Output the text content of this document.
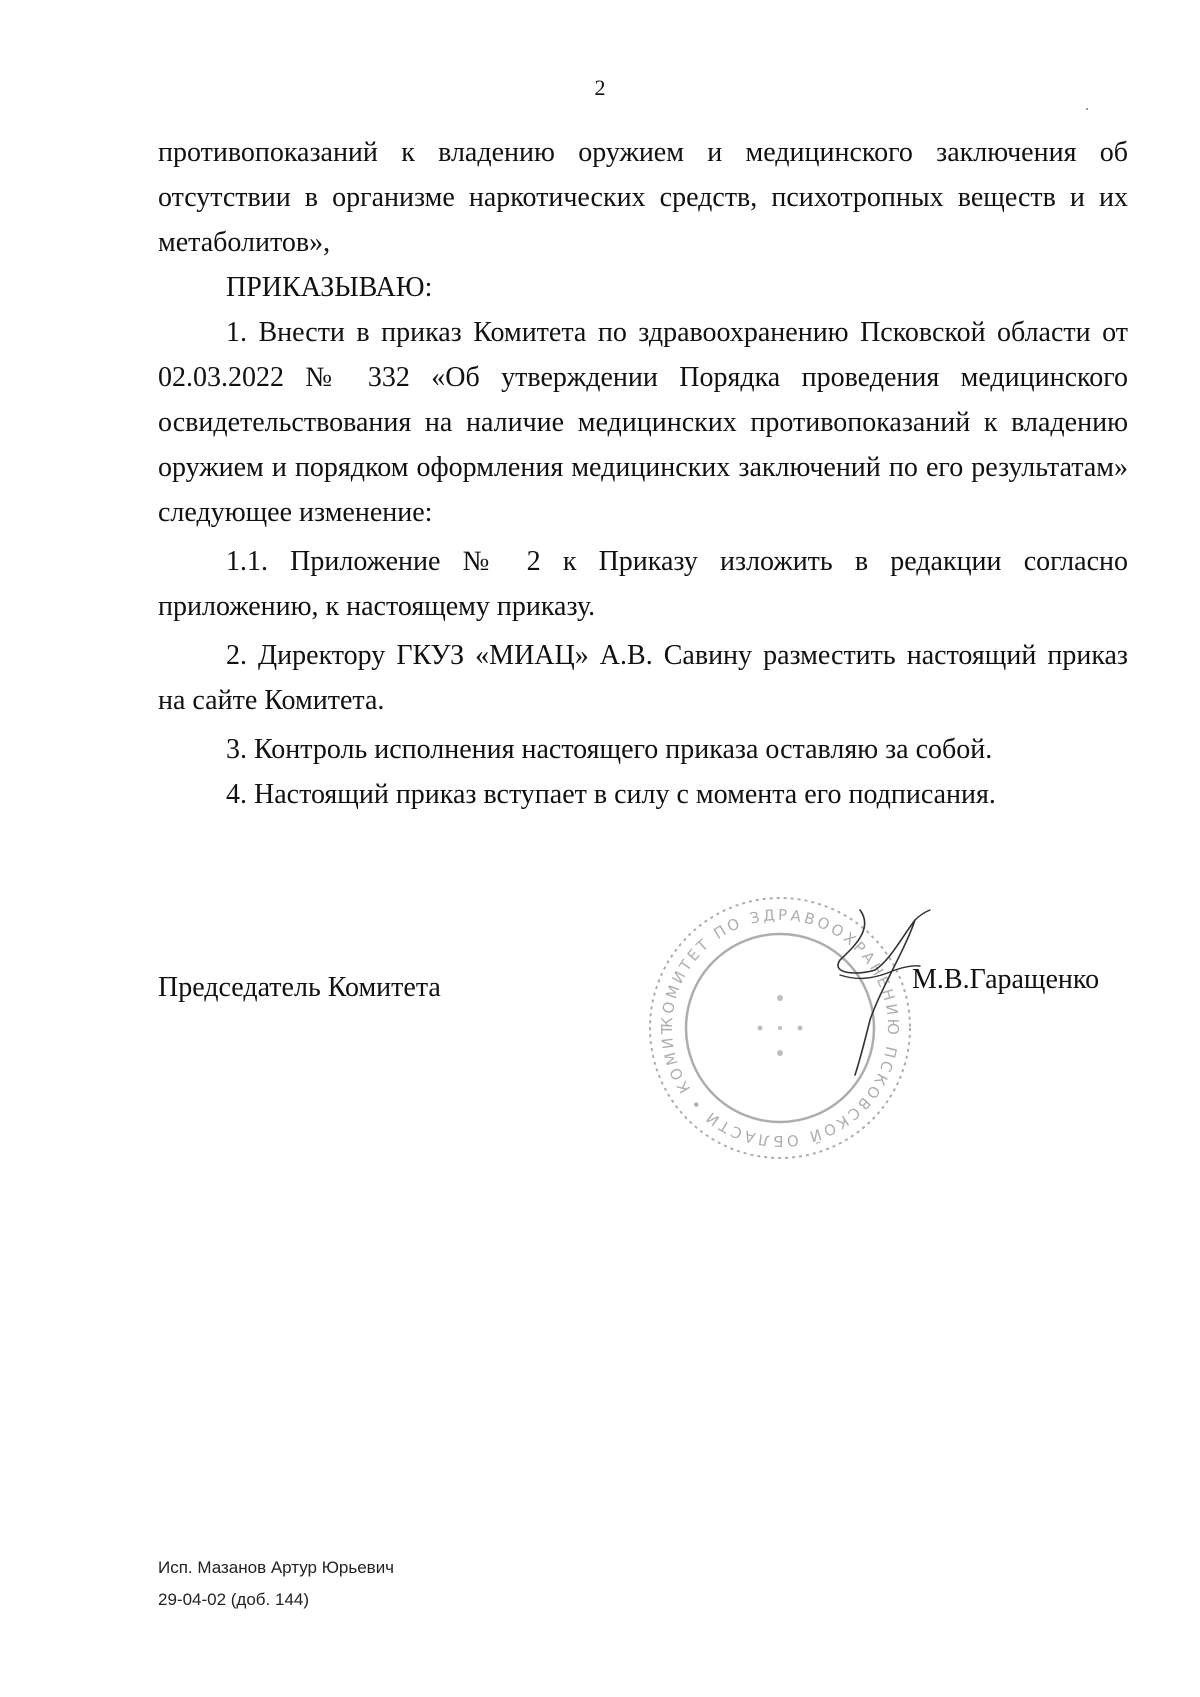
2

противопоказаний к владению оружием и медицинского заключения об отсутствии в организме наркотических средств, психотропных веществ и их метаболитов»,

ПРИКАЗЫВАЮ:

1. Внести в приказ Комитета по здравоохранению Псковской области от 02.03.2022 № 332 «Об утверждении Порядка проведения медицинского освидетельствования на наличие медицинских противопоказаний к владению оружием и порядком оформления медицинских заключений по его результатам» следующее изменение:

1.1. Приложение № 2 к Приказу изложить в редакции согласно приложению, к настоящему приказу.

2. Директору ГКУЗ «МИАЦ» А.В. Савину разместить настоящий приказ на сайте Комитета.

3. Контроль исполнения настоящего приказа оставляю за собой.

4. Настоящий приказ вступает в силу с момента его подписания.

Председатель Комитета
КОМИТЕТ ПО ЗДРАВООХРАНЕНИЮ ПСКОВСКОЙ ОБЛАСТИ • КОМИТ
М.В.Гаращенко
Исп. Мазанов Артур Юрьевич
29-04-02 (доб. 144)
